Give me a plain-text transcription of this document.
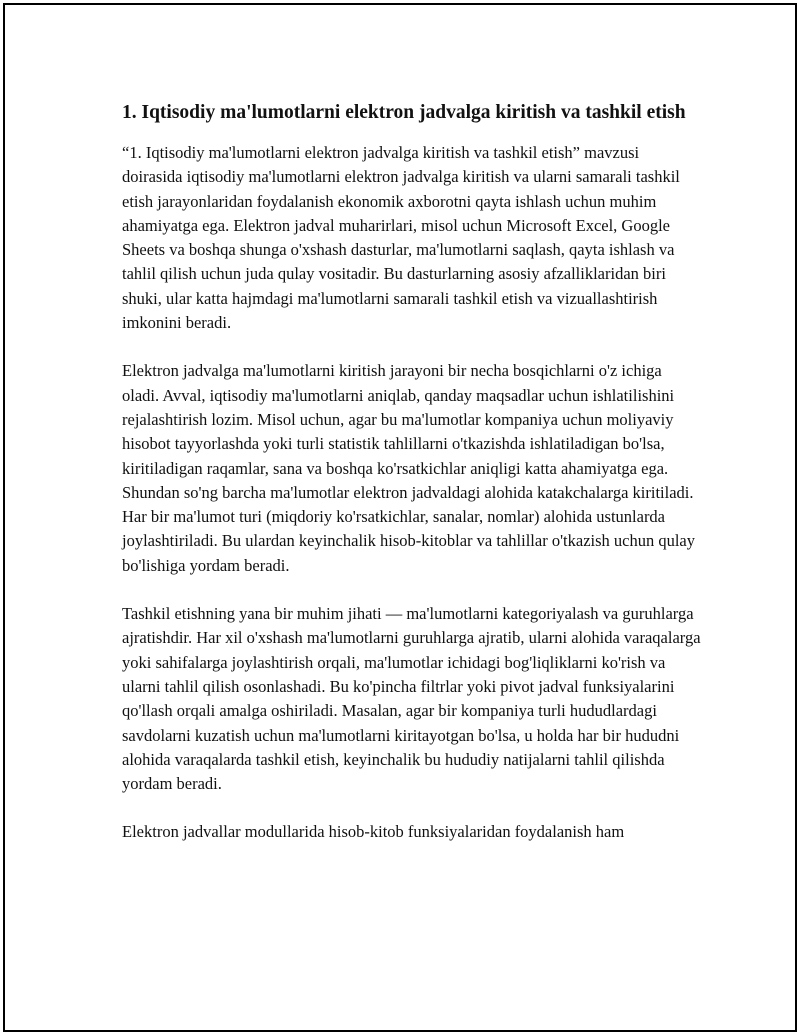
1. Iqtisodiy ma'lumotlarni elektron jadvalga kiritish va tashkil etish

“1. Iqtisodiy ma'lumotlarni elektron jadvalga kiritish va tashkil etish” mavzusi doirasida iqtisodiy ma'lumotlarni elektron jadvalga kiritish va ularni samarali tashkil etish jarayonlaridan foydalanish ekonomik axborotni qayta ishlash uchun muhim ahamiyatga ega. Elektron jadval muharirlari, misol uchun Microsoft Excel, Google Sheets va boshqa shunga o'xshash dasturlar, ma'lumotlarni saqlash, qayta ishlash va tahlil qilish uchun juda qulay vositadir. Bu dasturlarning asosiy afzalliklaridan biri shuki, ular katta hajmdagi ma'lumotlarni samarali tashkil etish va vizuallashtirish imkonini beradi.

Elektron jadvalga ma'lumotlarni kiritish jarayoni bir necha bosqichlarni o'z ichiga oladi. Avval, iqtisodiy ma'lumotlarni aniqlab, qanday maqsadlar uchun ishlatilishini rejalashtirish lozim. Misol uchun, agar bu ma'lumotlar kompaniya uchun moliyaviy hisobot tayyorlashda yoki turli statistik tahlillarni o'tkazishda ishlatiladigan bo'lsa, kiritiladigan raqamlar, sana va boshqa ko'rsatkichlar aniqligi katta ahamiyatga ega. Shundan so'ng barcha ma'lumotlar elektron jadvaldagi alohida katakchalarga kiritiladi. Har bir ma'lumot turi (miqdoriy ko'rsatkichlar, sanalar, nomlar) alohida ustunlarda joylashtiriladi. Bu ulardan keyinchalik hisob-kitoblar va tahlillar o'tkazish uchun qulay bo'lishiga yordam beradi.

Tashkil etishning yana bir muhim jihati — ma'lumotlarni kategoriyalash va guruhlarga ajratishdir. Har xil o'xshash ma'lumotlarni guruhlarga ajratib, ularni alohida varaqalarga yoki sahifalarga joylashtirish orqali, ma'lumotlar ichidagi bog'liqliklarni ko'rish va ularni tahlil qilish osonlashadi. Bu ko'pincha filtrlar yoki pivot jadval funksiyalarini qo'llash orqali amalga oshiriladi. Masalan, agar bir kompaniya turli hududlardagi savdolarni kuzatish uchun ma'lumotlarni kiritayotgan bo'lsa, u holda har bir hududni alohida varaqalarda tashkil etish, keyinchalik bu hududiy natijalarni tahlil qilishda yordam beradi.

Elektron jadvallar modullarida hisob-kitob funksiyalaridan foydalanish ham
